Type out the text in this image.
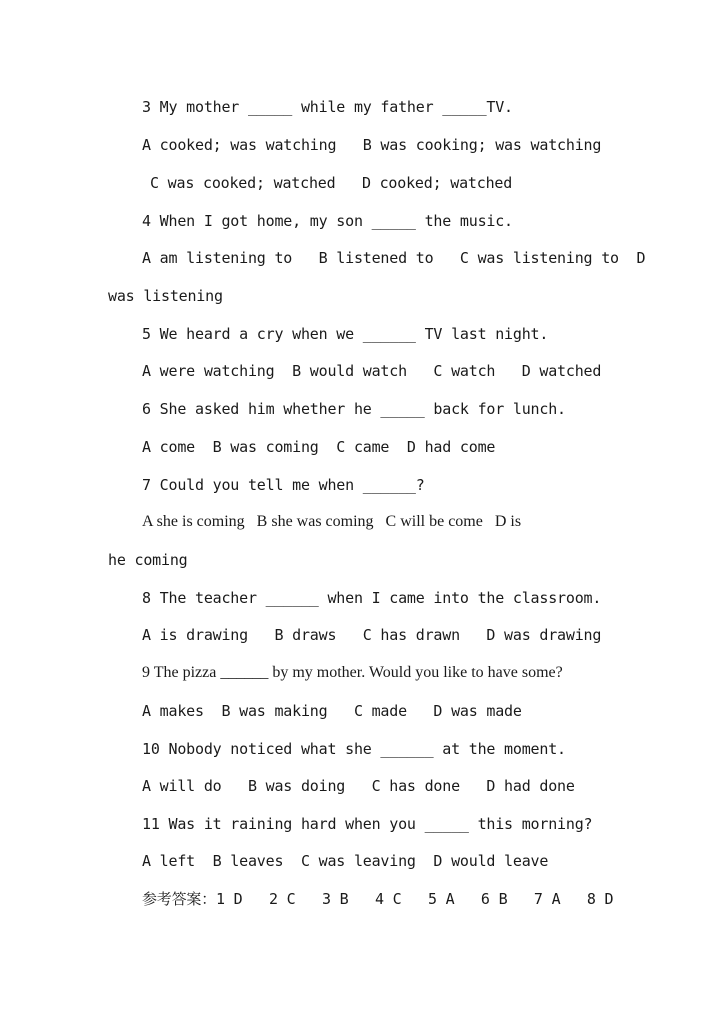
3 My mother _____ while my father _____TV.
A cooked; was watching   B was cooking; was watching
C was cooked; watched   D cooked; watched
4 When I got home, my son _____ the music.
A am listening to   B listened to   C was listening to  D
was listening
5 We heard a cry when we ______ TV last night.
A were watching  B would watch   C watch   D watched
6 She asked him whether he _____ back for lunch.
A come  B was coming  C came  D had come
7 Could you tell me when ______?
A she is coming   B she was coming   C will be come   D is
he coming
8 The teacher ______ when I came into the classroom.
A is drawing   B draws   C has drawn   D was drawing
9 The pizza ______ by my mother. Would you like to have some?
A makes  B was making   C made   D was made
10 Nobody noticed what she ______ at the moment.
A will do   B was doing   C has done   D had done
11 Was it raining hard when you _____ this morning?
A left  B leaves  C was leaving  D would leave
参考答案：1 D   2 C   3 B   4 C   5 A   6 B   7 A   8 D
